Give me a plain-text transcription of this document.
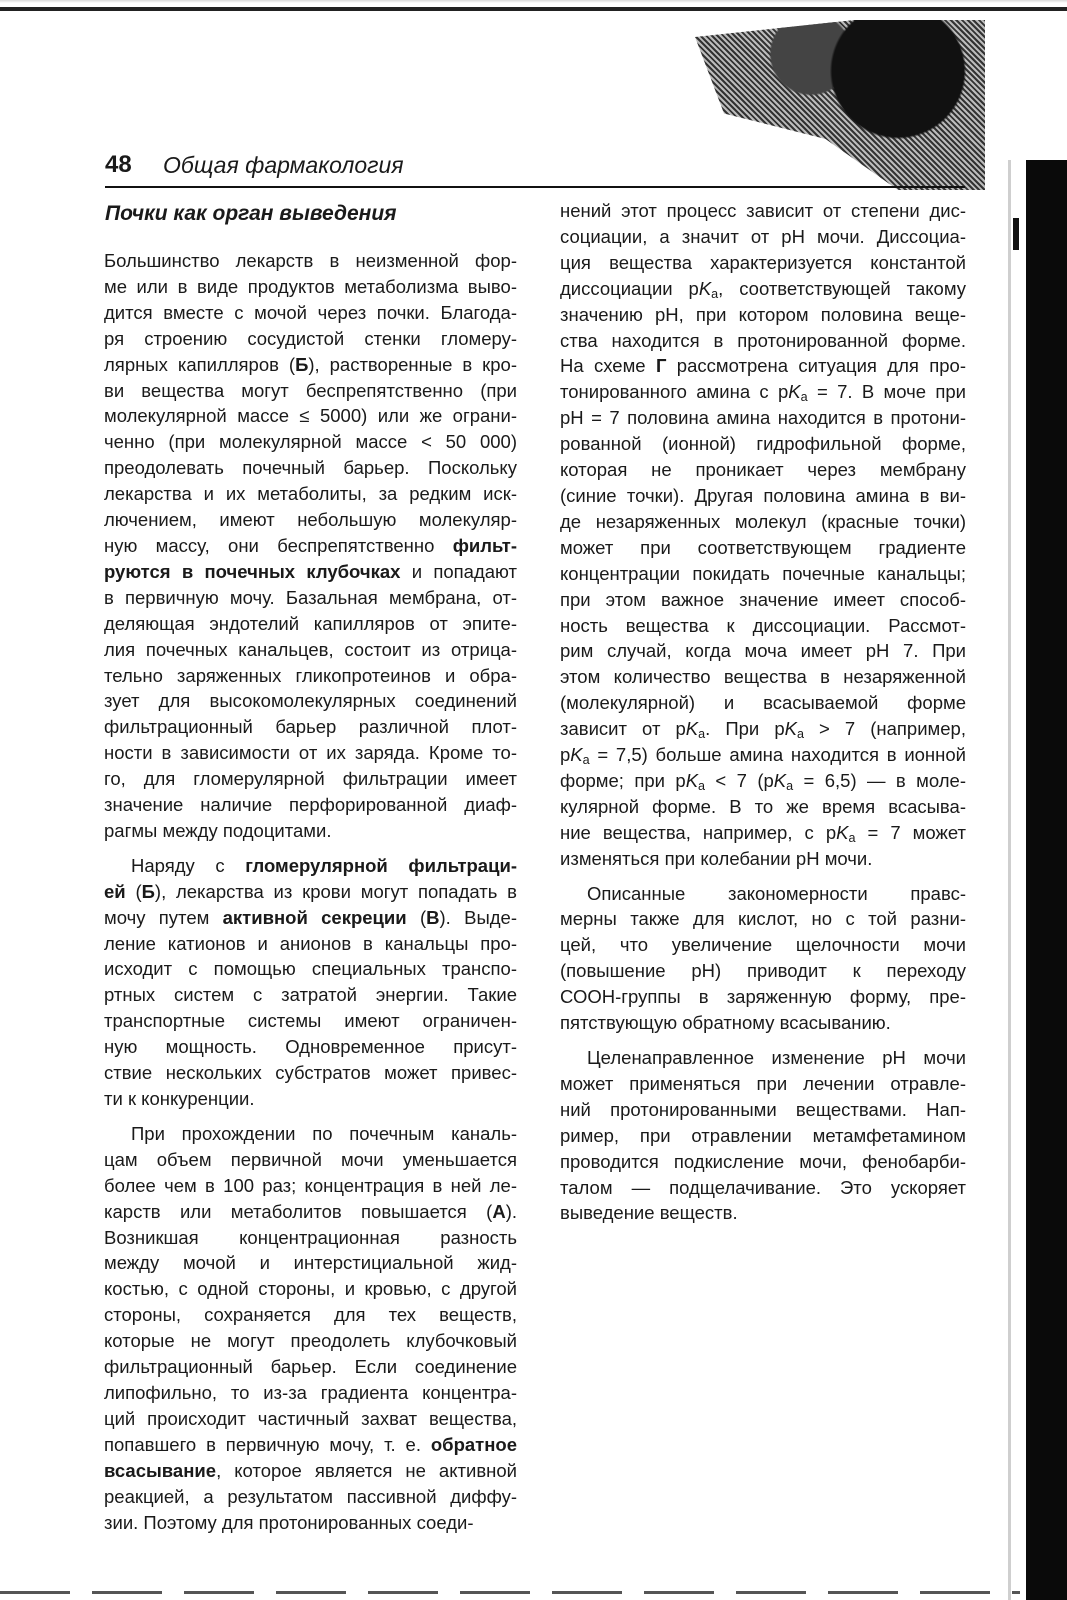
48 Общая фармакология
Почки как орган выведения
Большинство лекарств в неизменной фор-
ме или в виде продуктов метаболизма выво-
дится вместе с мочой через почки. Благода-
ря строению сосудистой стенки гломеру-
лярных капилляров (Б), растворенные в кро-
ви вещества могут беспрепятственно (при
молекулярной массе ≤ 5000) или же ограни-
ченно (при молекулярной массе < 50 000)
преодолевать почечный барьер. Поскольку
лекарства и их метаболиты, за редким иск-
лючением, имеют небольшую молекуляр-
ную массу, они беспрепятственно фильт-
руются в почечных клубочках и попадают
в первичную мочу. Базальная мембрана, от-
деляющая эндотелий капилляров от эпите-
лия почечных канальцев, состоит из отрица-
тельно заряженных гликопротеинов и обра-
зует для высокомолекулярных соединений
фильтрационный барьер различной плот-
ности в зависимости от их заряда. Кроме то-
го, для гломерулярной фильтрации имеет
значение наличие перфорированной диаф-
рагмы между подоцитами.
Наряду с гломерулярной фильтраци-
ей (Б), лекарства из крови могут попадать в
мочу путем активной секреции (В). Выде-
ление катионов и анионов в канальцы про-
исходит с помощью специальных транспо-
ртных систем с затратой энергии. Такие
транспортные системы имеют ограничен-
ную мощность. Одновременное присут-
ствие нескольких субстратов может привес-
ти к конкуренции.
При прохождении по почечным каналь-
цам объем первичной мочи уменьшается
более чем в 100 раз; концентрация в ней ле-
карств или метаболитов повышается (А).
Возникшая концентрационная разность
между мочой и интерстициальной жид-
костью, с одной стороны, и кровью, с другой
стороны, сохраняется для тех веществ,
которые не могут преодолеть клубочковый
фильтрационный барьер. Если соединение
липофильно, то из-за градиента концентра-
ций происходит частичный захват вещества,
попавшего в первичную мочу, т. е. обратное
всасывание, которое является не активной
реакцией, а результатом пассивной диффу-
зии. Поэтому для протонированных соеди-
нений этот процесс зависит от степени дис-
социации, а значит от pH мочи. Диссоциа-
ция вещества характеризуется константой
диссоциации $pK_a$, соответствующей такому
значению pH, при котором половина веще-
ства находится в протонированной форме.
На схеме Г рассмотрена ситуация для про-
тонированного амина с $pK_a = 7$. В моче при
pH = 7 половина амина находится в протони-
рованной (ионной) гидрофильной форме,
которая не проникает через мембрану
(синие точки). Другая половина амина в ви-
де незаряженных молекул (красные точки)
может при соответствующем градиенте
концентрации покидать почечные канальцы;
при этом важное значение имеет способ-
ность вещества к диссоциации. Рассмот-
рим случай, когда моча имеет pH 7. При
этом количество вещества в незаряженной
(молекулярной) и всасываемой форме
зависит от $pK_a$. При $pK_a > 7$ (например,
$pK_a = 7,5$) больше амина находится в ионной
форме; при $pK_a < 7$ $(pK_a = 6,5)$ — в моле-
кулярной форме. В то же время всасыва-
ние вещества, например, с $pK_a = 7$ может
изменяться при колебании pH мочи.
Описанные закономерности правс-
мерны также для кислот, но с той разни-
цей, что увеличение щелочности мочи
(повышение pH) приводит к переходу
СООН-группы в заряженную форму, пре-
пятствующую обратному всасыванию.
Целенаправленное изменение pH мочи
может применяться при лечении отравле-
ний протонированными веществами. Нап-
ример, при отравлении метамфетамином
проводится подкисление мочи, фенобарби-
талом — подщелачивание. Это ускоряет
выведение веществ.
